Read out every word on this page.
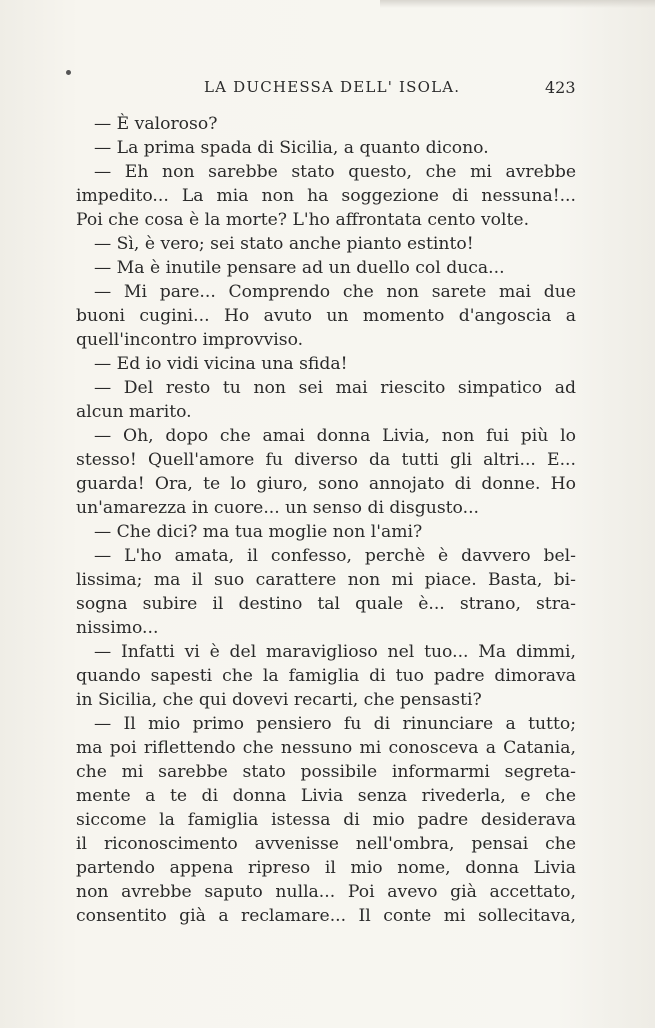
LA DUCHESSA DELL' ISOLA.	423
— È valoroso?
— La prima spada di Sicilia, a quanto dicono.
— Eh non sarebbe stato questo, che mi avrebbe
impedito... La mia non ha soggezione di nessuna!...
Poi che cosa è la morte? L'ho affrontata cento volte.
— Sì, è vero; sei stato anche pianto estinto!
— Ma è inutile pensare ad un duello col duca...
— Mi pare... Comprendo che non sarete mai due
buoni cugini... Ho avuto un momento d'angoscia a
quell'incontro improvviso.
— Ed io vidi vicina una sfida!
— Del resto tu non sei mai riescito simpatico ad
alcun marito.
— Oh, dopo che amai donna Livia, non fui più lo
stesso! Quell'amore fu diverso da tutti gli altri... E...
guarda! Ora, te lo giuro, sono annojato di donne. Ho
un'amarezza in cuore... un senso di disgusto...
— Che dici? ma tua moglie non l'ami?
— L'ho amata, il confesso, perchè è davvero bel-
lissima; ma il suo carattere non mi piace. Basta, bi-
sogna subire il destino tal quale è... strano, stra-
nissimo...
— Infatti vi è del maraviglioso nel tuo... Ma dimmi,
quando sapesti che la famiglia di tuo padre dimorava
in Sicilia, che qui dovevi recarti, che pensasti?
— Il mio primo pensiero fu di rinunciare a tutto;
ma poi riflettendo che nessuno mi conosceva a Catania,
che mi sarebbe stato possibile informarmi segreta-
mente a te di donna Livia senza rivederla, e che
siccome la famiglia istessa di mio padre desiderava
il riconoscimento avvenisse nell'ombra, pensai che
partendo appena ripreso il mio nome, donna Livia
non avrebbe saputo nulla... Poi avevo già accettato,
consentito già a reclamare... Il conte mi sollecitava,
